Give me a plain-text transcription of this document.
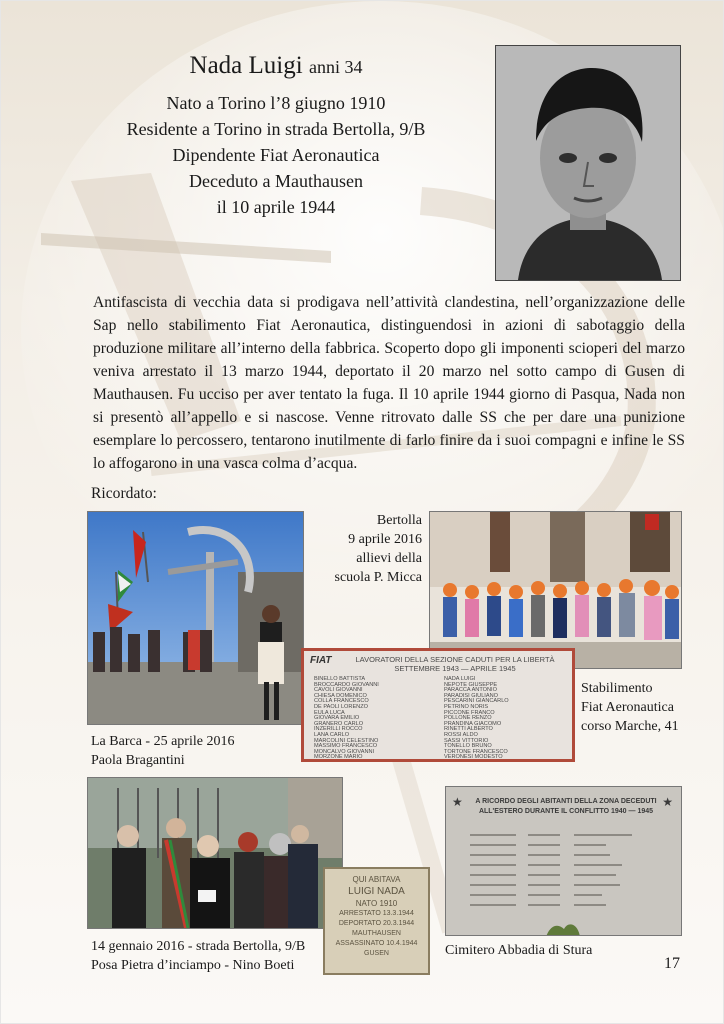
Nada Luigi anni 34
Nato a Torino l’8 giugno 1910
Residente a Torino in strada Bertolla, 9/B
Dipendente Fiat Aeronautica
Deceduto a Mauthausen
il 10 aprile 1944
Antifascista di vecchia data si prodigava nell’attività clandestina, nell’organizzazione delle Sap nello stabilimento Fiat Aeronautica, distinguendosi in azioni di sabotaggio della produzione militare all’interno della fabbrica. Scoperto dopo gli imponenti scioperi del marzo veniva arrestato il 13 marzo 1944, deportato il 20 marzo nel sotto campo di Gusen di Mauthausen. Fu ucciso per aver tentato la fuga. Il 10 aprile 1944 giorno di Pasqua, Nada non si presentò all’appello e si nascose. Venne ritrovato dalle SS che per dare una punizione esemplare lo percossero, tentarono inutilmente di farlo finire da i suoi compagni e infine le SS lo affogarono in una vasca colma d’acqua.
Ricordato:
La Barca - 25 aprile 2016
Paola Bragantini
Bertolla
9 aprile 2016
allievi della
scuola P. Micca
FIAT	LAVORATORI DELLA SEZIONE CADUTI PER LA LIBERTÀ
SETTEMBRE 1943 — APRILE 1945
BINELLO BATTISTA
BROCCARDO GIOVANNI
CAVOLI GIOVANNI
CHIESA DOMENICO
COLLA FRANCESCO
DE PAOLI LORENZO
EULA LUCA
GIOVARA EMILIO
GRANERO CARLO
INZERILLI ROCCO
LANA CARLO
MARCOLINI CELESTINO
MASSIMO FRANCESCO
MONCALVO GIOVANNI
MORZONE MARIO
NADA LUIGI
NEPOTE GIUSEPPE
PARACCA ANTONIO
PARADISI GIULIANO
PESCARINI GIANCARLO
PETRINO NORIS
PICCONE FRANCO
POLLONE RENZO
PRANDINA GIACOMO
RINETTI ALBERTO
ROSSI ALDO
SASSI VITTORIO
TONELLO BRUNO
TORTONE FRANCESCO
VERONESI MODESTO
Stabilimento
Fiat Aeronautica
corso Marche, 41
QUI ABITAVA
LUIGI NADA
NATO 1910
ARRESTATO 13.3.1944
DEPORTATO 20.3.1944
MAUTHAUSEN
ASSASSINATO 10.4.1944
GUSEN
★	★
A RICORDO DEGLI ABITANTI DELLA ZONA DECEDUTI
ALL'ESTERO DURANTE IL CONFLITTO 1940 — 1945
14 gennaio 2016 - strada Bertolla, 9/B
Posa Pietra d’inciampo - Nino Boeti
Cimitero Abbadia di Stura
17
